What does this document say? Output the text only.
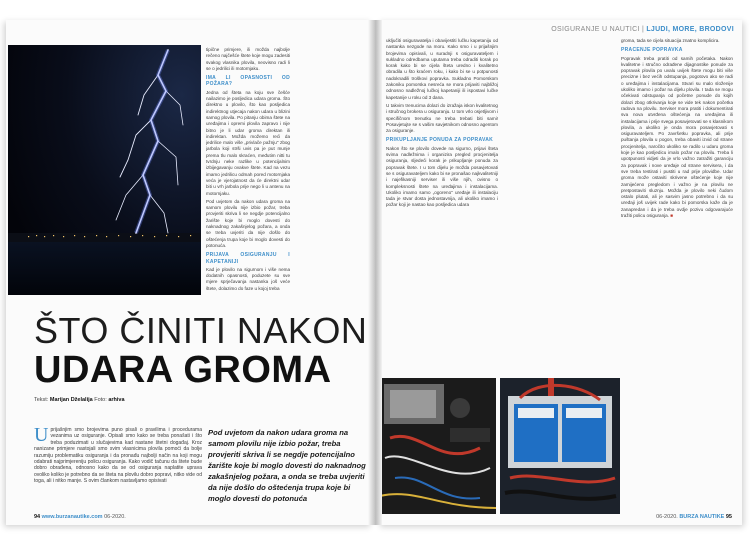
ŠTO ČINITI NAKON
UDARA GROMA
Tekst: Marijan Dželalija Foto: arhiva
U prijašnjim smo brojevima puno pisali o pravilima i procedurama vezanima uz osiguranje. Opisali smo kako se treba ponašati i što treba poduzimati u slučajevima kad nastane štetni događaj. Kroz nanizane primjere nastojali smo svim vlasnicima plovila pomoći da bolje razumiju problematiku osiguranja i da pronađu najbolji način na koji mogu odabrati najprimjereniju policu osiguranja. Kako vodič tačunu da štete bude dobro obrađena, odnosno kako da se od osiguranja naplatite uprava ovoliko koliko je potrebno da se šteta na plovilu dobro popravi, nitko vide od toga, ali i nitko manje. S ovim člankom nastavljamo opisivati
Pod uvjetom da nakon udara groma na samom plovilu nije izbio požar, treba provjeriti skriva li se negdje potencijalno žarište koje bi moglo dovesti do naknadnog zakašnjelog požara, a onda se treba uvjeriti da nije došlo do oštećenja trupa koje bi moglo dovesti do potonuća

tipične primjere, ili možda najbolje rečeno najčešće štete koje mogu zadesiti svakog vlasnika plovila, neovisno radi li se o jedrilici ili motornjaku.

IMA LI OPASNOSTI OD POŽARA?

Jedna od šteta na koju sve češće nailazimo je posljedica udara groma. Što direktno u plovilo, što kao posljedica indirektnog utjecaja nakon udara u blizini samog plovila. Po pitanju obima štete na uređajima i opremi plovila zapravo i nije bitno je li udar groma direktan ili indirektan. Možda možemo reći da jedrilice malo više „privlače pažnju" zbog jarbola koji strši uvis pa je put munje prema tlu malo skraćen, međutim nitti tu tvrdnju neke razlike u potencijalnim izbijegavanju ovakve štete. Kad na vezu imamo jedrilicu odmah pored motornjaka veća je vjerojatnost da će direktni udar biti u vrh jarbola prije nego li u antenu na motornjaku.

Pod uvjetom da nakon udara groma na samom plovilu nije izbio požar, treba provjeriti skriva li se negdje potencijalno žarište koje bi moglo dovesti do naknadnog zakašnjelog požara, a onda se treba uvjeriti da nije došlo do oštećenja trupa koje bi moglo dovesti do potonuća.

PRIJAVA OSIGURANJU I KAPETANIJI

Kad je plovilo na sigurnom i više nema dodatnih opasnosti, poduzete su sve mjere sprječavanja nastanka još veće štete, dolazimo do faze u kojoj treba

94 www.burzanautike.com 06-2020.
OSIGURANJE U NAUTICI | LJUDI, MORE, BRODOVI

uključiti osiguravatelja i obavijestiti lučku kapetaniju od nastanka nezgode na moru. Kako smo i u prijašnjim brojevima opisivali, u suradnji s osiguravateljem i sukladno odredbama uputama treba odraditi korak po korak kako bi se cijela šteta uredno i kvalitetno obradila u što kraćem roku, i kako bi se u potpunosti nadoknadili troškovi popravka. Sukladno Pomorskom zakoniku pomorska nesreća se mora prijaviti najbližoj odnosno nadležnoj lučkoj kapetaniji ili ispostavi lučke kapetanije u roku od 3 dana.

U takvim trenucima dolazi do izražaja iskon kvalitetnog i stručnog brokera u osiguranju. U tom vrlo osjetljivom i specifičnom trenutku ne treba trebati biti sami! Posavjetujte se s vašim savjetnikom odnosno agentom za osiguranje.

PRIKUPLJANJE PONUDA ZA POPRAVAK

Nakon što se plovilo dovede na sigurno, prijavi šteta svima nadležnima i organizira pregled procjenitelja osiguranja, sljedeći korak je prikupljanje ponuda za popravak štete. I u tom dijelu je možda posavjetovati se s osiguravateljem kako bi se pronašao najkvalitetniji i najefikasniji serviser ili više njih, ovisno o kompleksnosti štete na uređajima i instalacijama. Ukoliko imamo samo „ogoreno" uređaje ili instalaciju tada je stvar dosta jednostavnija, ali ukoliko imamo i požar koji je nastao kao posljedica udara

groma, tada se cijela situacija znatno komplicira.

PRACENJE POPRAVKA

Popravak treba pratiti od samih početaka. Nakon kvalitetne i stručno odrađene dijagnostike ponude za popravak plovila po uvalu uvijek štete mogu biti više precizne i bez većih odstupanja, pogotovo ako se radi o uređajima i instalacijama. Stvari su malo složenije ukoliko imamo i požar na dijelu plovila. I tada se mogu očekivati odstupanja od početne ponude do kojih dolazi zbog otkrivanja koje se vide tek nakon početka radova na plovilu. Serviser mora pratiti i dokumentirati sva nova utvrđena oštećenja na uređajima ili instalacijama i prije svega posavjetovati se s klasnikom plovila, a ukoliko je onda mora posavjetovati s osiguravateljem. Po završetku popravka, ali prije puštanja plovila u pogon, treba obaviti izvid od strane procjenitelja, naročito ukoliko se radilo u udaru groma koje je kao posljedicu imalo požar na plovilu. Treba li upotpunosti vidjeti da je vrlo važno zatražiti garanciju za popravak i nove uređaje od strane servisera, i da sve treba testirati i pustiti u rad prije plovidbe. Udar groma može ostaviti skrivene oštećenje koje nije zamijećeno pregledom i važno je na plovilu ne pretpostaviti sluznju. Možda je plovilo neki čudom ostalo plutati, ali je sasvim jasno potrebno i da su uređaji još uvijek rade kako bi pomorska kaže da je zanapredan i da je treba ovdje pozivu odgovarajuće tražiti policu osiguranja. ■

06-2020. BURZA NAUTIKE 95
